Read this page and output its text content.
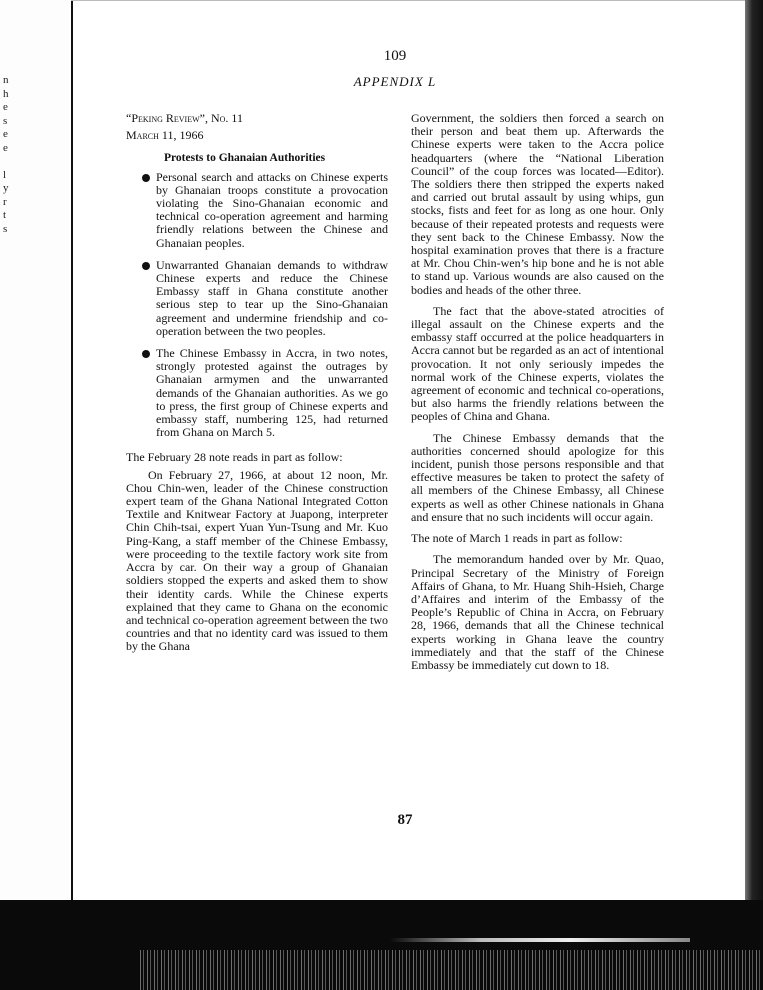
n
h
e
s
e
e

l
y
r
t
s
109
APPENDIX L

“Peking Review”, No. 11

March 11, 1966

Protests to Ghanaian Authorities

Personal search and attacks on Chinese experts by Ghanaian troops constitute a provocation violating the Sino-Ghanaian economic and technical co-operation agreement and harming friendly relations between the Chinese and Ghanaian peoples.
Unwarranted Ghanaian demands to withdraw Chinese experts and reduce the Chinese Embassy staff in Ghana constitute another serious step to tear up the Sino-Ghanaian agreement and undermine friendship and co-operation between the two peoples.
The Chinese Embassy in Accra, in two notes, strongly protested against the outrages by Ghanaian armymen and the unwarranted demands of the Ghanaian authorities. As we go to press, the first group of Chinese experts and embassy staff, numbering 125, had returned from Ghana on March 5.

The February 28 note reads in part as follow:

On February 27, 1966, at about 12 noon, Mr. Chou Chin-wen, leader of the Chinese construction expert team of the Ghana National Integrated Cotton Textile and Knitwear Factory at Juapong, interpreter Chin Chih-tsai, expert Yuan Yun-Tsung and Mr. Kuo Ping-Kang, a staff member of the Chinese Embassy, were proceeding to the textile factory work site from Accra by car. On their way a group of Ghanaian soldiers stopped the experts and asked them to show their identity cards. While the Chinese experts explained that they came to Ghana on the economic and technical co-operation agreement between the two countries and that no identity card was issued to them by the Ghana

Government, the soldiers then forced a search on their person and beat them up. Afterwards the Chinese experts were taken to the Accra police headquarters (where the “National Liberation Council” of the coup forces was located—Editor). The soldiers there then stripped the experts naked and carried out brutal assault by using whips, gun stocks, fists and feet for as long as one hour. Only because of their repeated protests and requests were they sent back to the Chinese Embassy. Now the hospital examination proves that there is a fracture at Mr. Chou Chin-wen’s hip bone and he is not able to stand up. Various wounds are also caused on the bodies and heads of the other three.

The fact that the above-stated atrocities of illegal assault on the Chinese experts and the embassy staff occurred at the police headquarters in Accra cannot but be regarded as an act of intentional provocation. It not only seriously impedes the normal work of the Chinese experts, violates the agreement of economic and technical co-operations, but also harms the friendly relations between the peoples of China and Ghana.

The Chinese Embassy demands that the authorities concerned should apologize for this incident, punish those persons responsible and that effective measures be taken to protect the safety of all members of the Chinese Embassy, all Chinese experts as well as other Chinese nationals in Ghana and ensure that no such incidents will occur again.

The note of March 1 reads in part as follow:

The memorandum handed over by Mr. Quao, Principal Secretary of the Ministry of Foreign Affairs of Ghana, to Mr. Huang Shih-Hsieh, Charge d’Affaires and interim of the Embassy of the People’s Republic of China in Accra, on February 28, 1966, demands that all the Chinese technical experts working in Ghana leave the country immediately and that the staff of the Chinese Embassy be immediately cut down to 18.

87
